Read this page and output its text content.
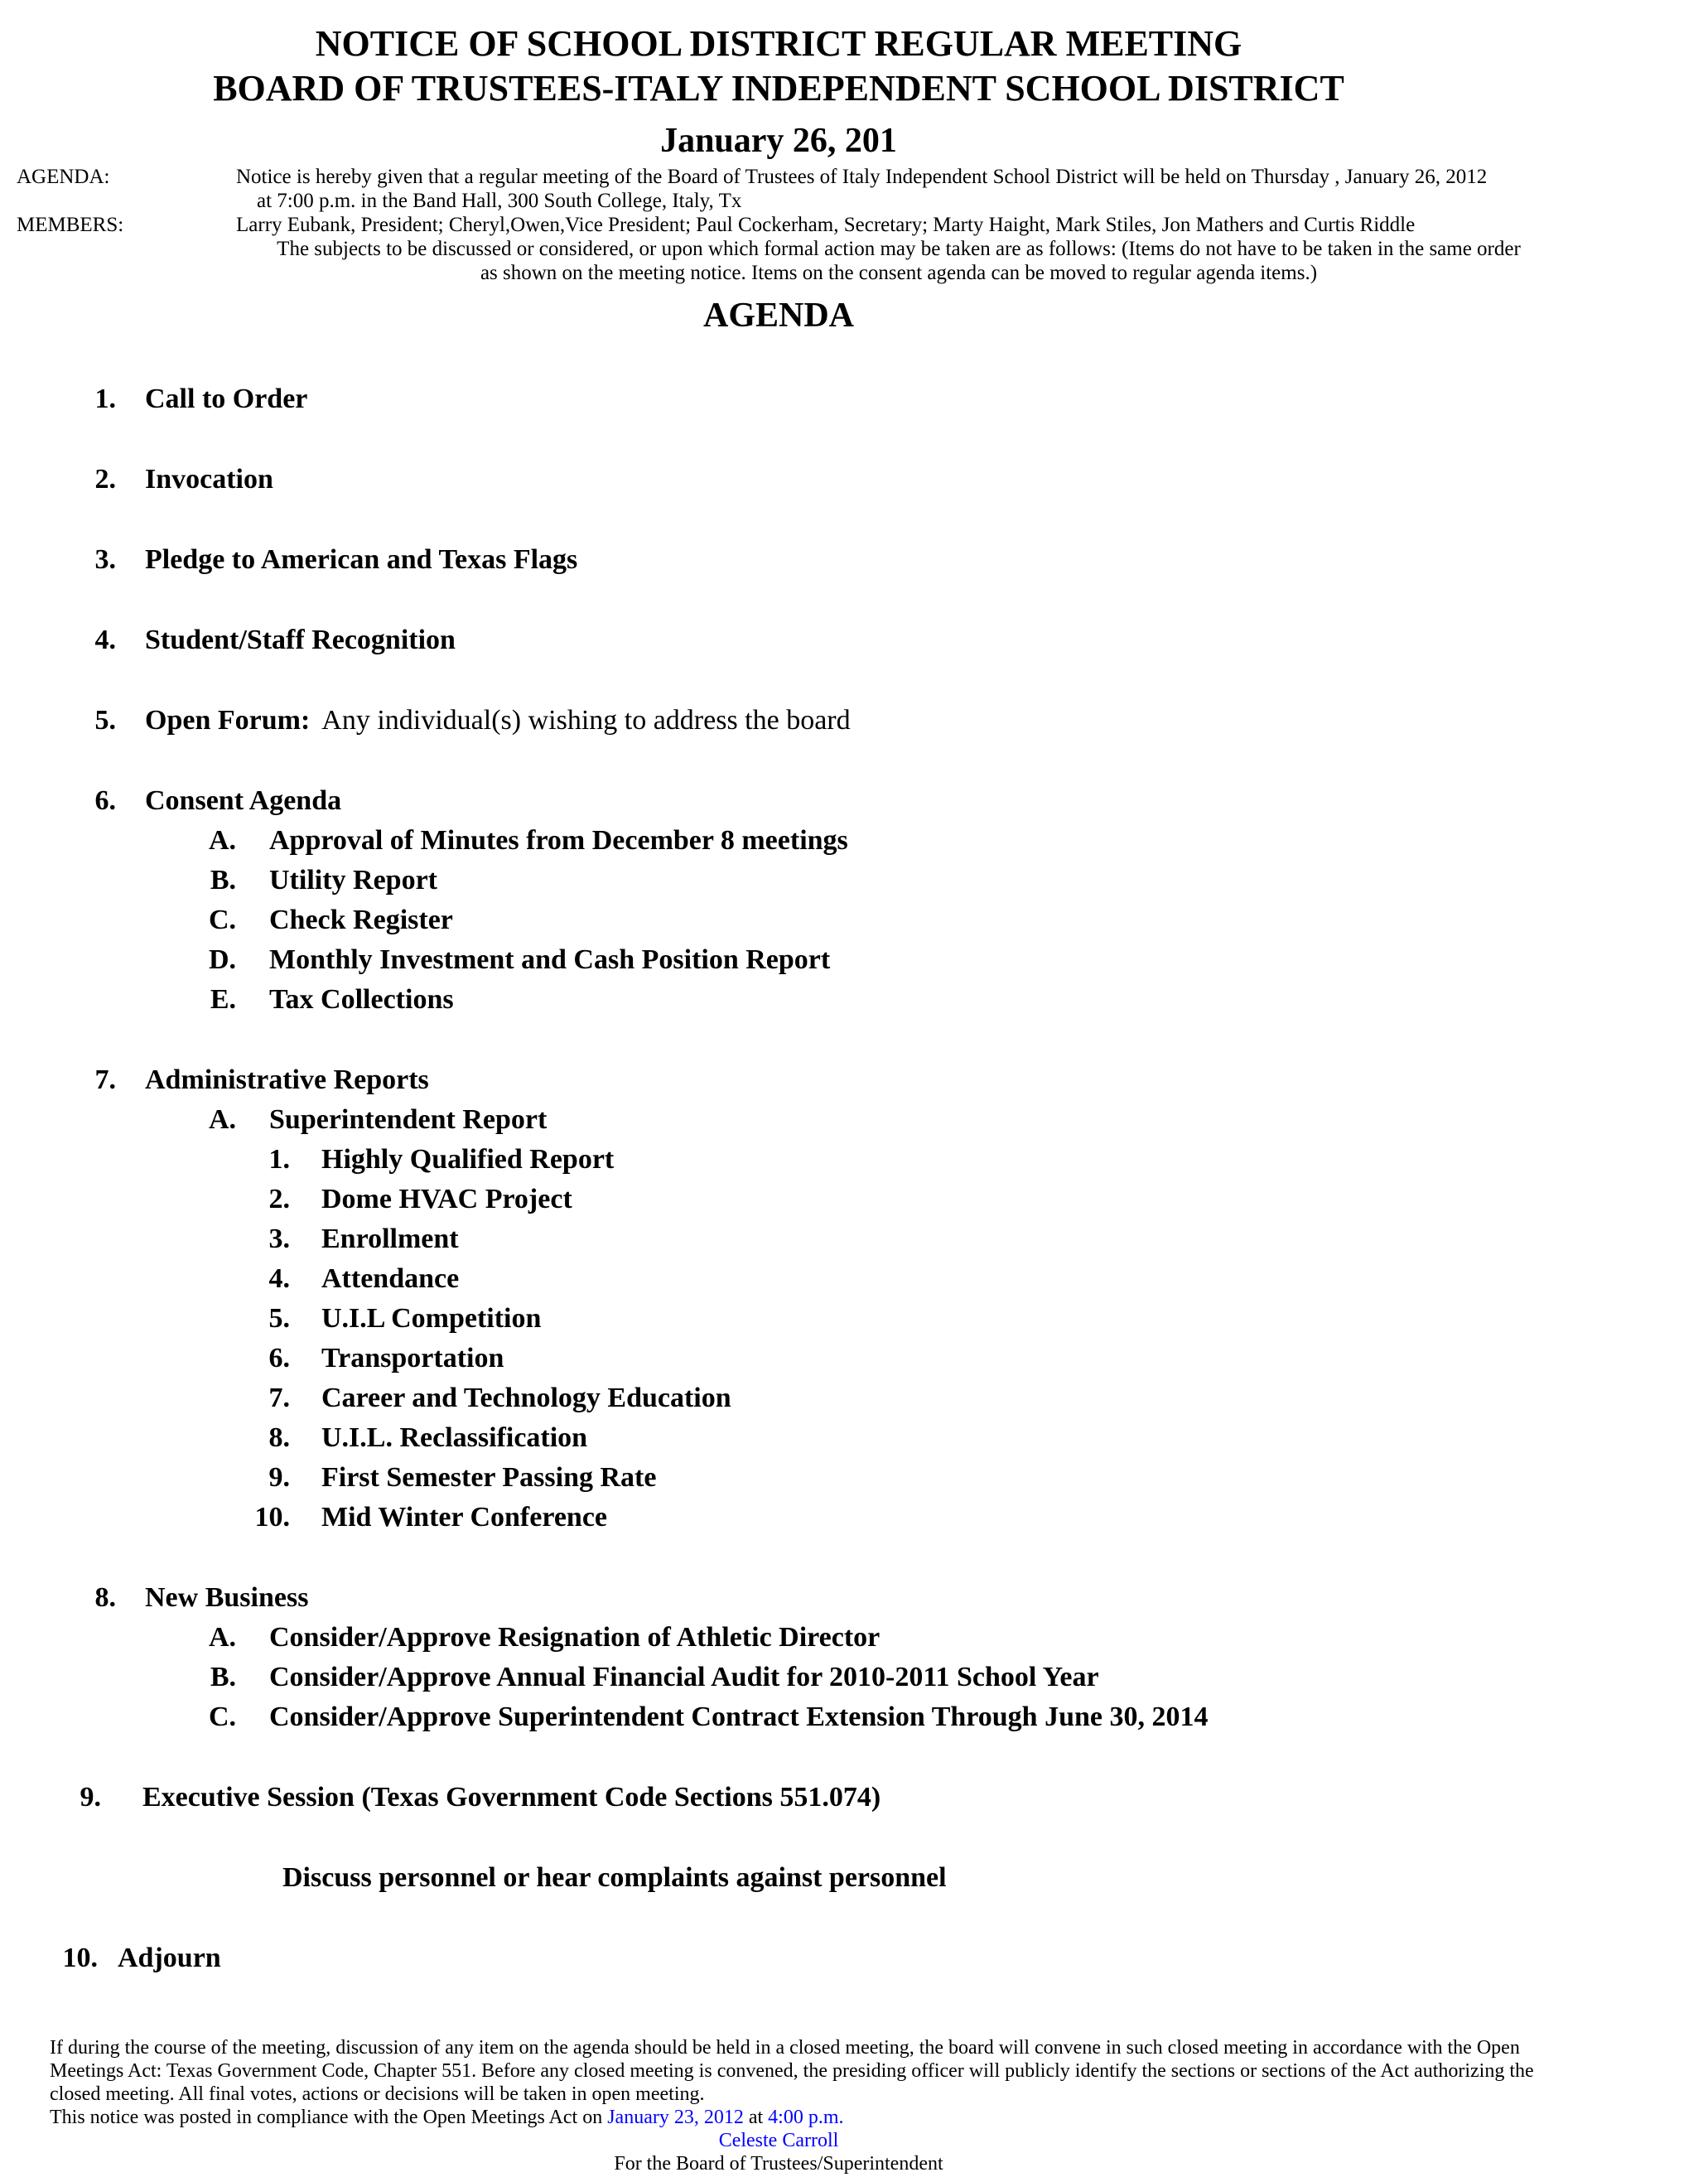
NOTICE OF SCHOOL DISTRICT REGULAR MEETING
BOARD OF TRUSTEES-ITALY INDEPENDENT SCHOOL DISTRICT
January 26, 201
AGENDA:	Notice is hereby given that a regular meeting of the Board of Trustees of Italy Independent School District will be held on Thursday , January 26, 2012
at 7:00 p.m. in the Band Hall, 300 South College, Italy, Tx
MEMBERS:	Larry Eubank, President; Cheryl,Owen,Vice President; Paul Cockerham, Secretary; Marty Haight, Mark Stiles, Jon Mathers and Curtis Riddle
The subjects to be discussed or considered, or upon which formal action may be taken are as follows: (Items do not have to be taken in the same order
as shown on the meeting notice. Items on the consent agenda can be moved to regular agenda items.)
AGENDA
1. Call to Order
2. Invocation
3. Pledge to American and Texas Flags
4. Student/Staff Recognition
5. Open Forum: Any individual(s) wishing to address the board
6. Consent Agenda
A. Approval of Minutes from December 8 meetings
B. Utility Report
C. Check Register
D. Monthly Investment and Cash Position Report
E. Tax Collections
7. Administrative Reports
A. Superintendent Report
1. Highly Qualified Report
2. Dome HVAC Project
3. Enrollment
4. Attendance
5. U.I.L Competition
6. Transportation
7. Career and Technology Education
8. U.I.L. Reclassification
9. First Semester Passing Rate
10. Mid Winter Conference
8. New Business
A. Consider/Approve Resignation of Athletic Director
B. Consider/Approve Annual Financial Audit for 2010-2011 School Year
C. Consider/Approve Superintendent Contract Extension Through June 30, 2014
9. Executive Session (Texas Government Code Sections 551.074)
Discuss personnel or hear complaints against personnel
10. Adjourn

If during the course of the meeting, discussion of any item on the agenda should be held in a closed meeting, the board will convene in such closed meeting in accordance with the Open Meetings Act: Texas Government Code, Chapter 551. Before any closed meeting is convened, the presiding officer will publicly identify the sections or sections of the Act authorizing the closed meeting. All final votes, actions or decisions will be taken in open meeting.

This notice was posted in compliance with the Open Meetings Act on January 23, 2012 at 4:00 p.m.
Celeste Carroll
For the Board of Trustees/Superintendent
